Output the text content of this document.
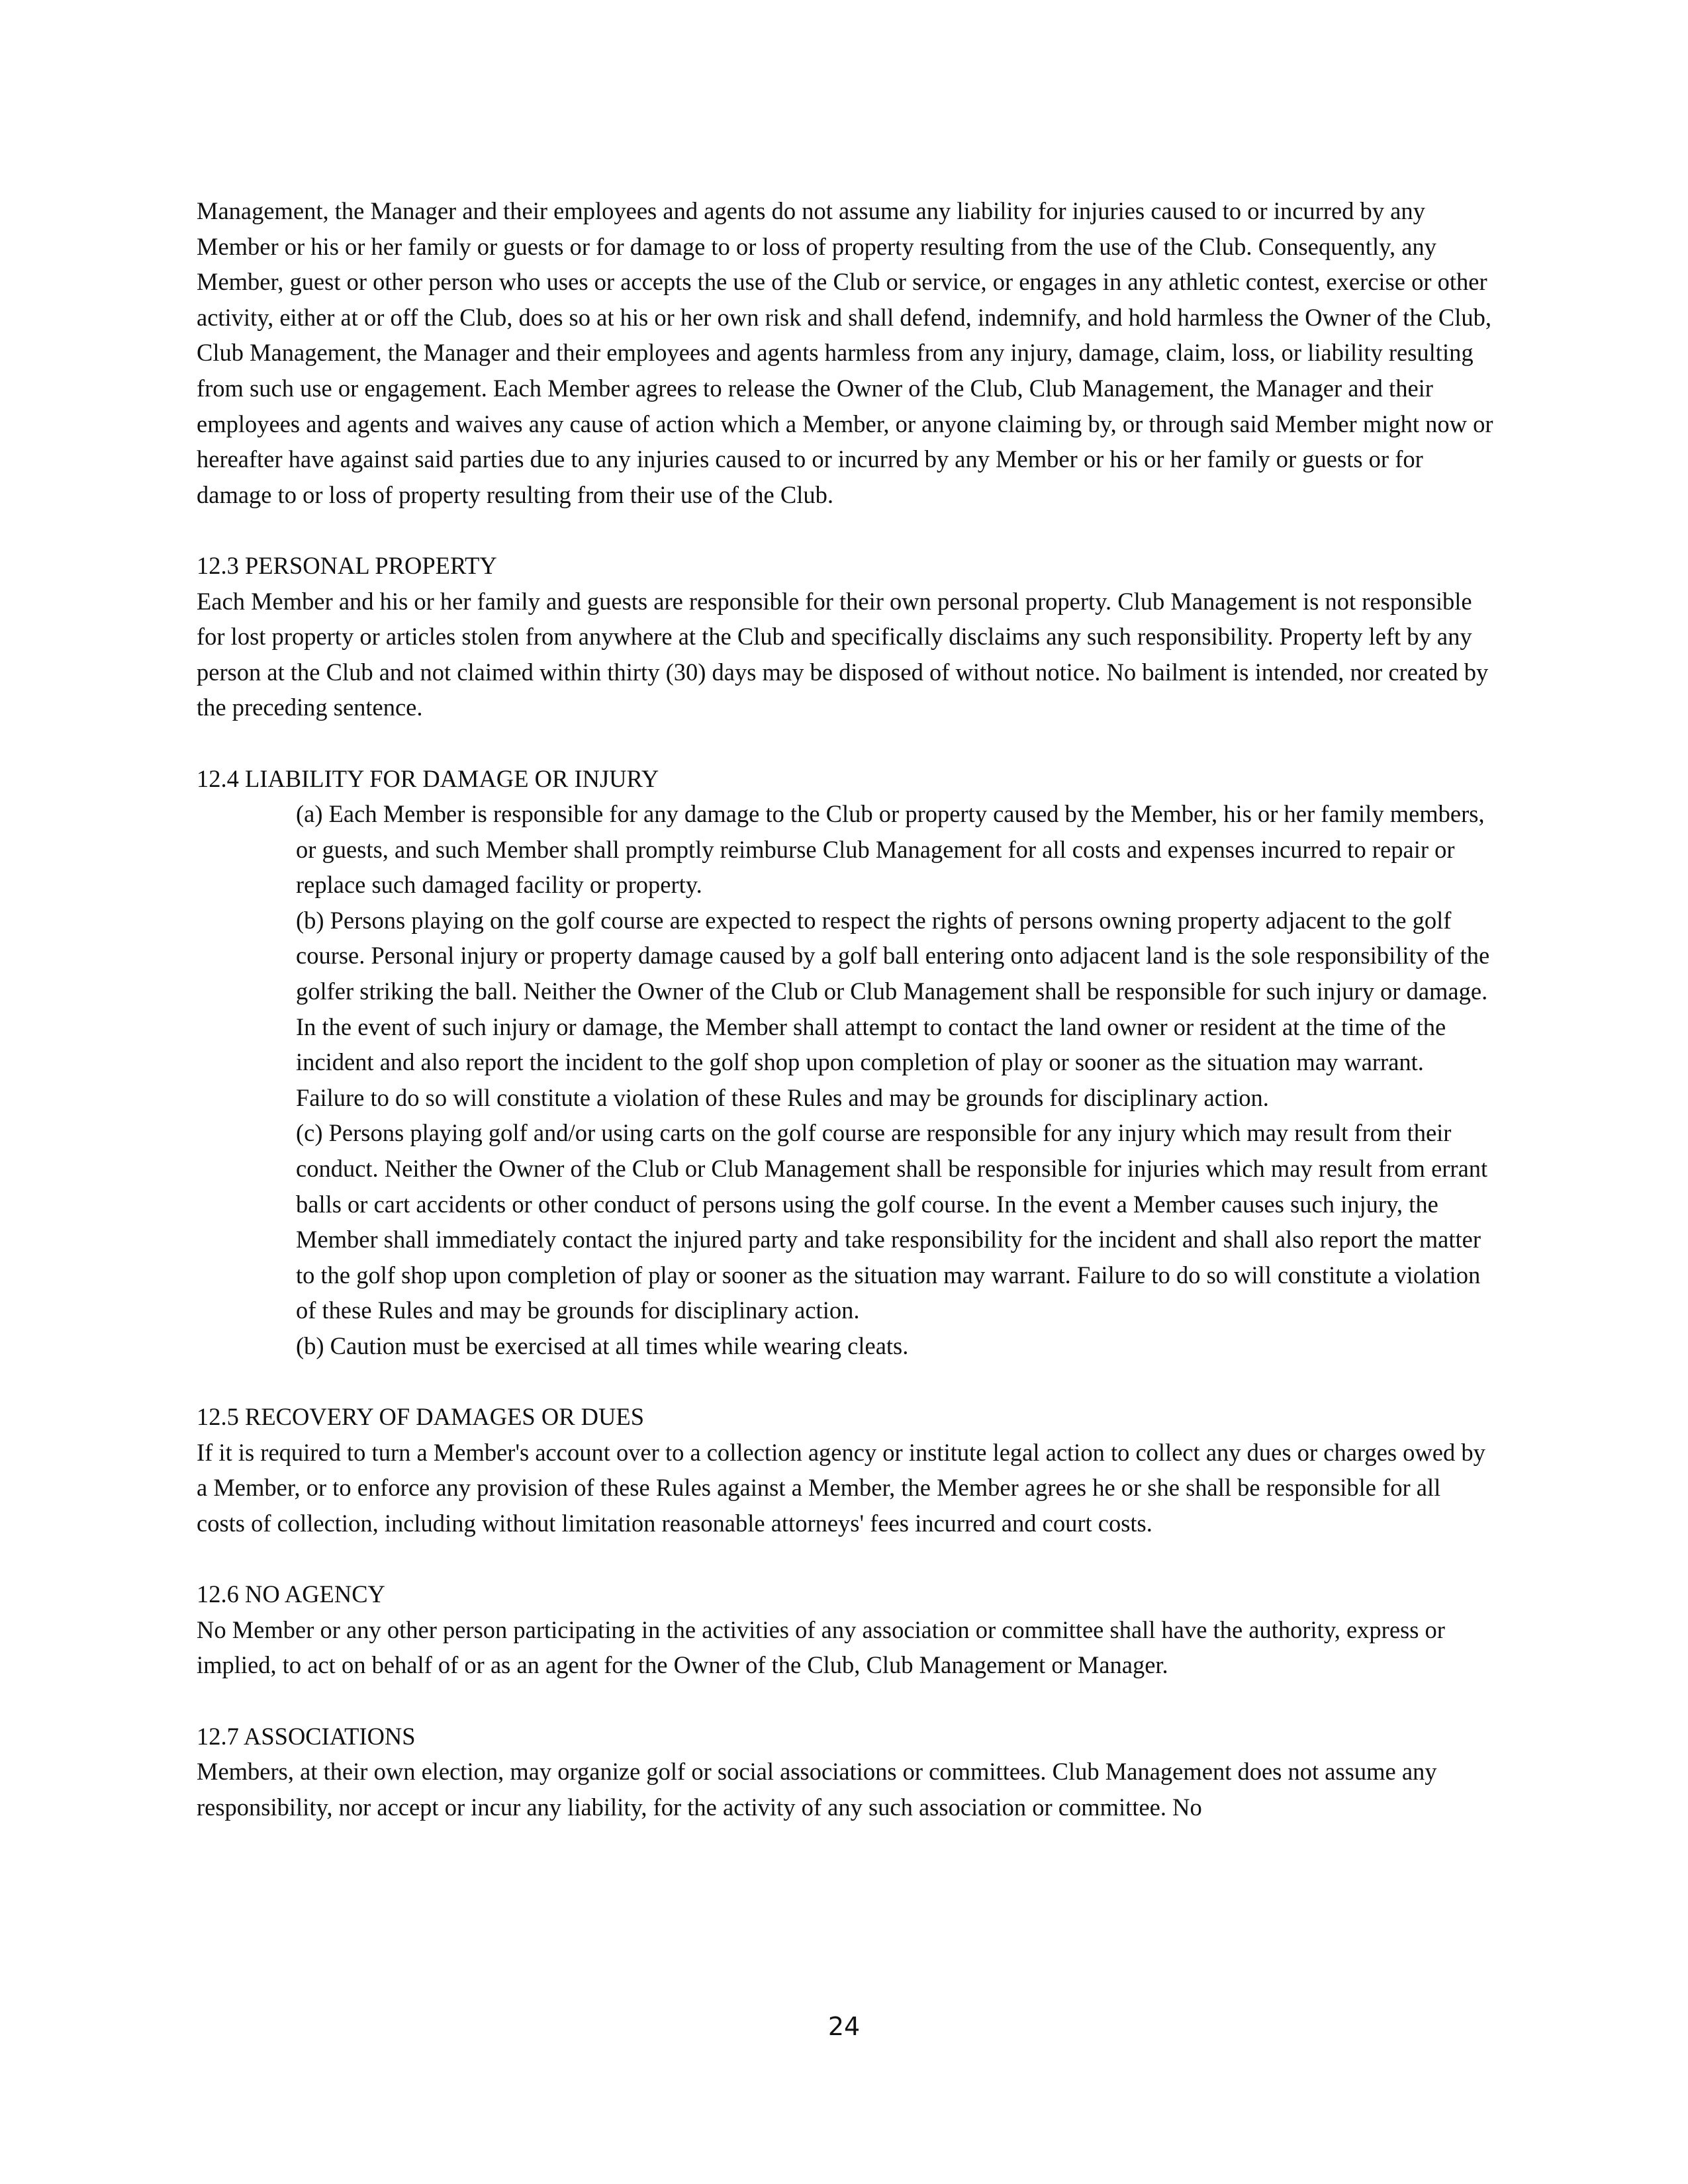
Management, the Manager and their employees and agents do not assume any liability for injuries caused to or incurred by any Member or his or her family or guests or for damage to or loss of property resulting from the use of the Club. Consequently, any Member, guest or other person who uses or accepts the use of the Club or service, or engages in any athletic contest, exercise or other activity, either at or off the Club, does so at his or her own risk and shall defend, indemnify, and hold harmless the Owner of the Club, Club Management, the Manager and their employees and agents harmless from any injury, damage, claim, loss, or liability resulting from such use or engagement. Each Member agrees to release the Owner of the Club, Club Management, the Manager and their employees and agents and waives any cause of action which a Member, or anyone claiming by, or through said Member might now or hereafter have against said parties due to any injuries caused to or incurred by any Member or his or her family or guests or for damage to or loss of property resulting from their use of the Club.

12.3 PERSONAL PROPERTY

Each Member and his or her family and guests are responsible for their own personal property. Club Management is not responsible for lost property or articles stolen from anywhere at the Club and specifically disclaims any such responsibility. Property left by any person at the Club and not claimed within thirty (30) days may be disposed of without notice. No bailment is intended, nor created by the preceding sentence.

12.4 LIABILITY FOR DAMAGE OR INJURY

(a) Each Member is responsible for any damage to the Club or property caused by the Member, his or her family members, or guests, and such Member shall promptly reimburse Club Management for all costs and expenses incurred to repair or replace such damaged facility or property.

(b) Persons playing on the golf course are expected to respect the rights of persons owning property adjacent to the golf course. Personal injury or property damage caused by a golf ball entering onto adjacent land is the sole responsibility of the golfer striking the ball. Neither the Owner of the Club or Club Management shall be responsible for such injury or damage. In the event of such injury or damage, the Member shall attempt to contact the land owner or resident at the time of the incident and also report the incident to the golf shop upon completion of play or sooner as the situation may warrant. Failure to do so will constitute a violation of these Rules and may be grounds for disciplinary action.

(c) Persons playing golf and/or using carts on the golf course are responsible for any injury which may result from their conduct. Neither the Owner of the Club or Club Management shall be responsible for injuries which may result from errant balls or cart accidents or other conduct of persons using the golf course. In the event a Member causes such injury, the Member shall immediately contact the injured party and take responsibility for the incident and shall also report the matter to the golf shop upon completion of play or sooner as the situation may warrant. Failure to do so will constitute a violation of these Rules and may be grounds for disciplinary action.

(b) Caution must be exercised at all times while wearing cleats.

12.5 RECOVERY OF DAMAGES OR DUES

If it is required to turn a Member's account over to a collection agency or institute legal action to collect any dues or charges owed by a Member, or to enforce any provision of these Rules against a Member, the Member agrees he or she shall be responsible for all costs of collection, including without limitation reasonable attorneys' fees incurred and court costs.

12.6 NO AGENCY

No Member or any other person participating in the activities of any association or committee shall have the authority, express or implied, to act on behalf of or as an agent for the Owner of the Club, Club Management or Manager.

12.7 ASSOCIATIONS

Members, at their own election, may organize golf or social associations or committees. Club Management does not assume any responsibility, nor accept or incur any liability, for the activity of any such association or committee. No

24
